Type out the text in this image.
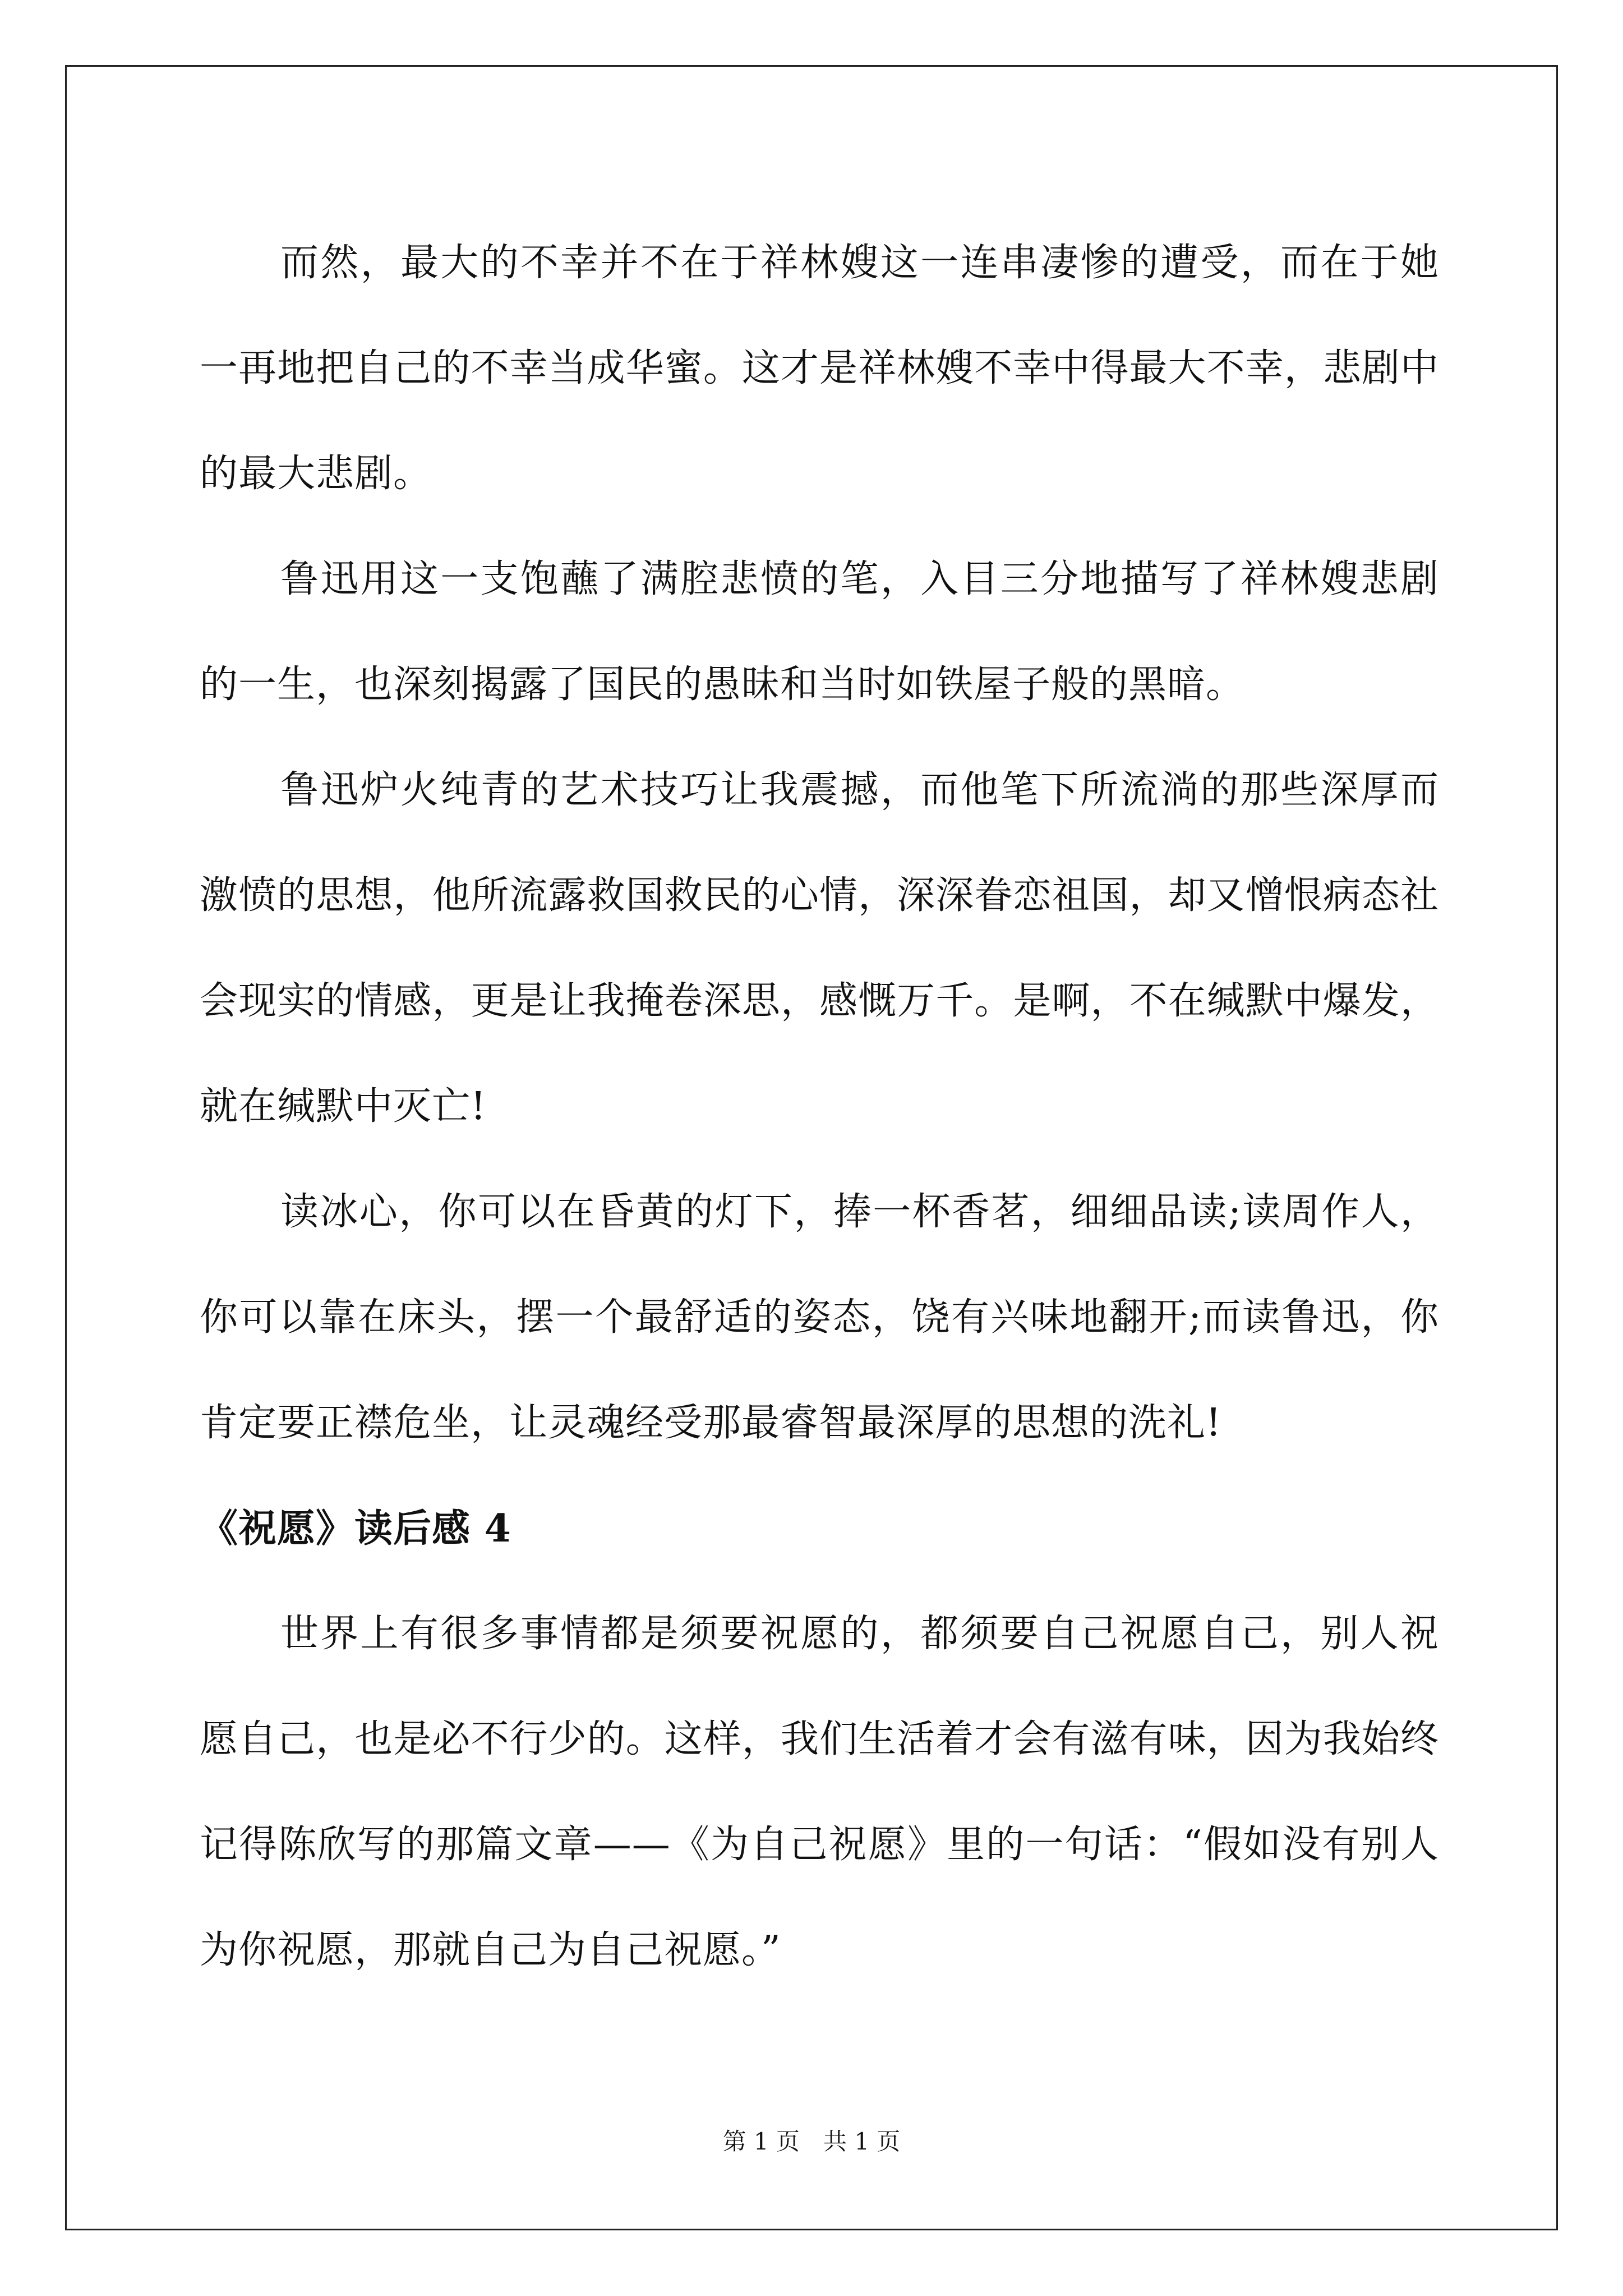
而然，最大的不幸并不在于祥林嫂这一连串凄惨的遭受，而在于她一再地把自己的不幸当成华蜜。这才是祥林嫂不幸中得最大不幸，悲剧中的最大悲剧。

鲁迅用这一支饱蘸了满腔悲愤的笔，入目三分地描写了祥林嫂悲剧的一生，也深刻揭露了国民的愚昧和当时如铁屋子般的黑暗。

鲁迅炉火纯青的艺术技巧让我震撼，而他笔下所流淌的那些深厚而激愤的思想，他所流露救国救民的心情，深深眷恋祖国，却又憎恨病态社会现实的情感，更是让我掩卷深思，感慨万千。是啊，不在缄默中爆发，就在缄默中灭亡!

读冰心，你可以在昏黄的灯下，捧一杯香茗，细细品读;读周作人，你可以靠在床头，摆一个最舒适的姿态，饶有兴味地翻开;而读鲁迅，你肯定要正襟危坐，让灵魂经受那最睿智最深厚的思想的洗礼!

《祝愿》读后感 4

世界上有很多事情都是须要祝愿的，都须要自己祝愿自己，别人祝愿自己，也是必不行少的。这样，我们生活着才会有滋有味，因为我始终记得陈欣写的那篇文章——《为自己祝愿》里的一句话：“假如没有别人为你祝愿，那就自己为自己祝愿。”

第 1 页　共 1 页
